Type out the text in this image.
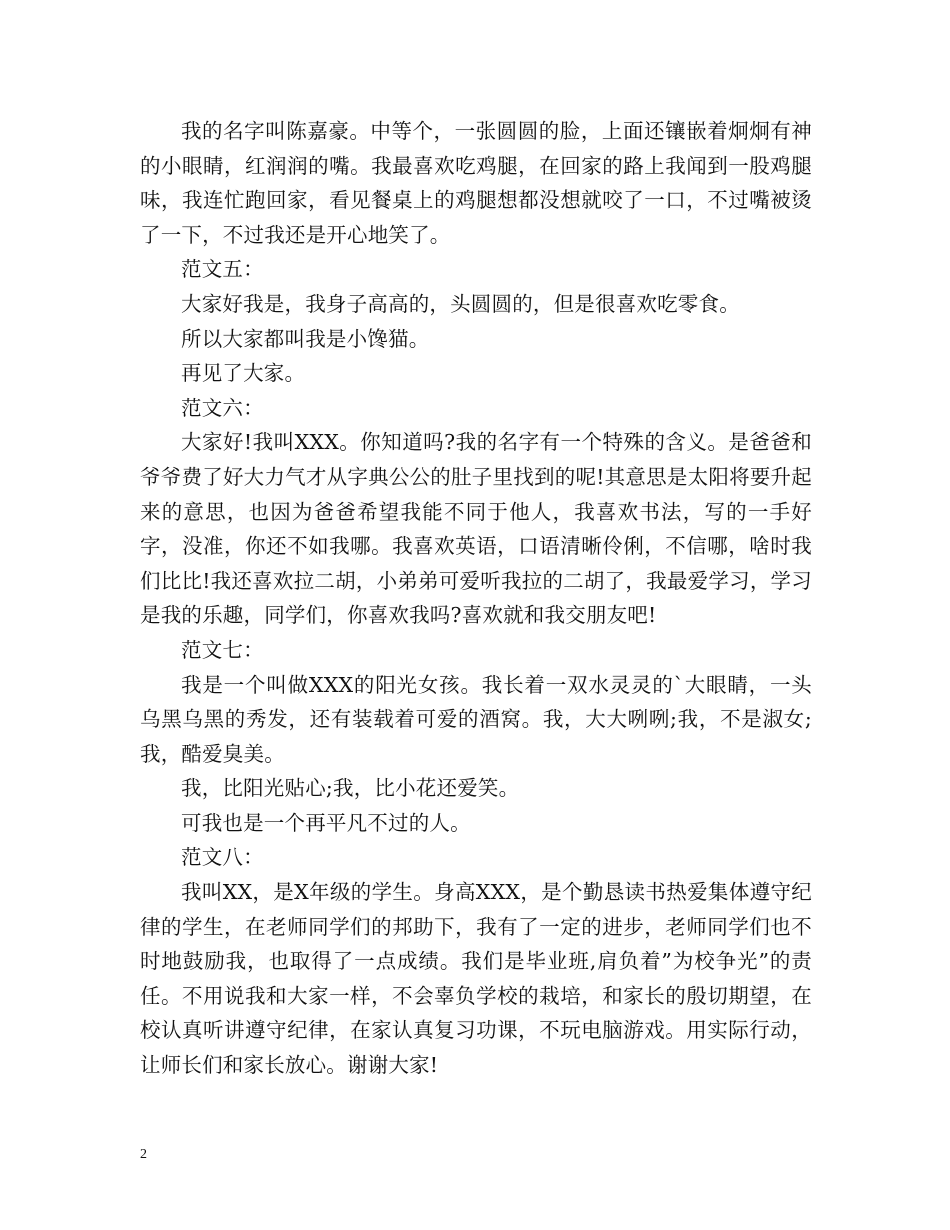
我的名字叫陈嘉豪。中等个，一张圆圆的脸，上面还镶嵌着炯炯有神的小眼睛，红润润的嘴。我最喜欢吃鸡腿，在回家的路上我闻到一股鸡腿味，我连忙跑回家，看见餐桌上的鸡腿想都没想就咬了一口，不过嘴被烫了一下，不过我还是开心地笑了。

范文五：

大家好我是，我身子高高的，头圆圆的，但是很喜欢吃零食。

所以大家都叫我是小馋猫。

再见了大家。

范文六：

大家好!我叫XXX。你知道吗?我的名字有一个特殊的含义。是爸爸和爷爷费了好大力气才从字典公公的肚子里找到的呢!其意思是太阳将要升起来的意思，也因为爸爸希望我能不同于他人，我喜欢书法，写的一手好字，没准，你还不如我哪。我喜欢英语，口语清晰伶俐，不信哪，啥时我们比比!我还喜欢拉二胡，小弟弟可爱听我拉的二胡了，我最爱学习，学习是我的乐趣，同学们，你喜欢我吗?喜欢就和我交朋友吧!

范文七：

我是一个叫做XXX的阳光女孩。我长着一双水灵灵的`大眼睛，一头乌黑乌黑的秀发，还有装载着可爱的酒窝。我，大大咧咧;我，不是淑女;我，酷爱臭美。

我，比阳光贴心;我，比小花还爱笑。

可我也是一个再平凡不过的人。

范文八：

我叫XX，是X年级的学生。身高XXX，是个勤恳读书热爱集体遵守纪律的学生，在老师同学们的邦助下，我有了一定的进步，老师同学们也不时地鼓励我，也取得了一点成绩。我们是毕业班,肩负着”为校争光”的责任。不用说我和大家一样，不会辜负学校的栽培，和家长的殷切期望，在校认真听讲遵守纪律，在家认真复习功课，不玩电脑游戏。用实际行动，让师长们和家长放心。谢谢大家!

2
